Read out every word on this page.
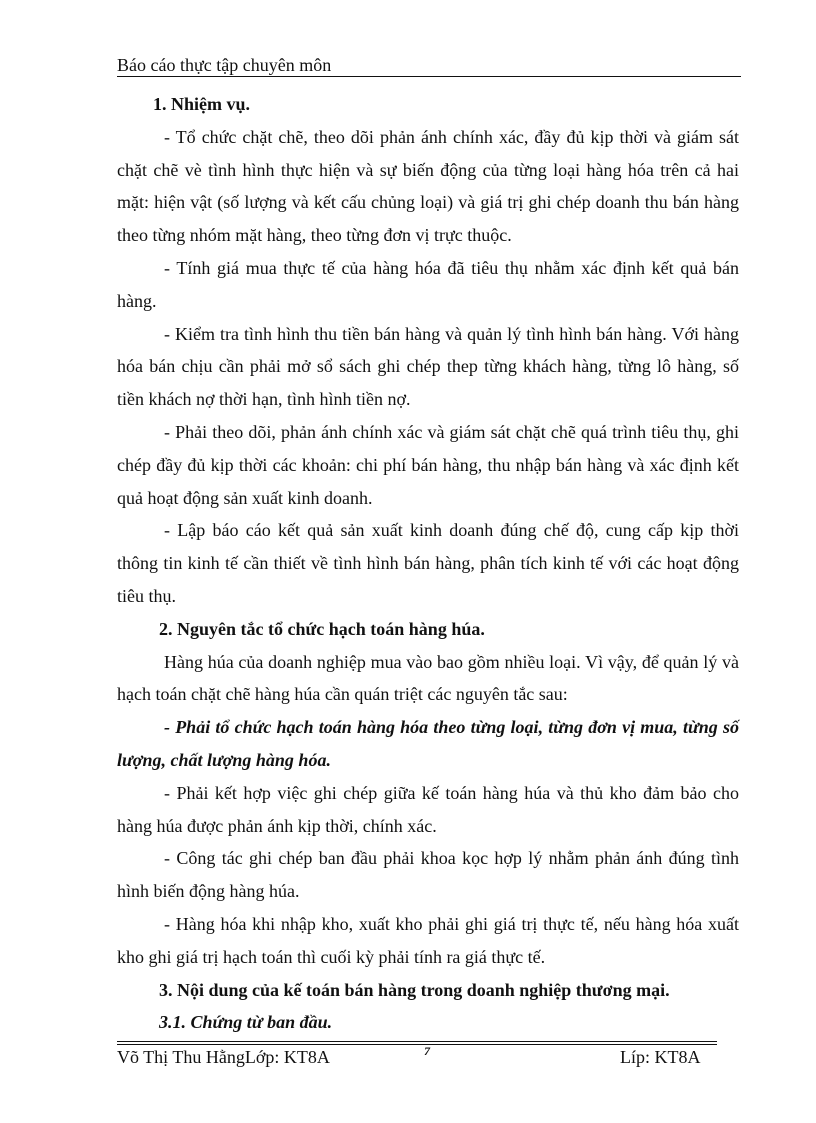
Báo cáo thực tập chuyên môn

1. Nhiệm vụ.

- Tổ chức chặt chẽ, theo dõi phản ánh chính xác, đầy đủ kịp thời và giám sát chặt chẽ vè tình hình thực hiện và sự biến động của từng loại hàng hóa trên cả hai mặt: hiện vật (số lượng và kết cấu chủng loại) và giá trị ghi chép doanh thu bán hàng theo từng nhóm mặt hàng, theo từng đơn vị trực thuộc.

- Tính giá mua thực tế của hàng hóa đã tiêu thụ nhằm xác định kết quả bán hàng.

- Kiểm tra tình hình thu tiền bán hàng và quản lý tình hình bán hàng. Với hàng hóa bán chịu cần phải mở sổ sách ghi chép thep từng khách hàng, từng lô hàng, số tiền khách nợ thời hạn, tình hình tiền nợ.

- Phải theo dõi, phản ánh chính xác và giám sát chặt chẽ quá trình tiêu thụ, ghi chép đầy đủ kịp thời các khoản: chi phí bán hàng, thu nhập bán hàng và xác định kết quả hoạt động sản xuất kinh doanh.

- Lập báo cáo kết quả sản xuất kinh doanh đúng chế độ, cung cấp kịp thời thông tin kinh tế cần thiết về tình hình bán hàng, phân tích kinh tế với các hoạt động tiêu thụ.

2. Nguyên tắc tổ chức hạch toán hàng húa.

Hàng húa của doanh nghiệp mua vào bao gồm nhiều loại. Vì vậy, để quản lý và hạch toán chặt chẽ hàng húa cần quán triệt các nguyên tắc sau:

- Phải tổ chức hạch toán hàng hóa theo từng loại, từng đơn vị mua, từng số lượng, chất lượng hàng hóa.

- Phải kết hợp việc ghi chép giữa kế toán hàng húa và thủ kho đảm bảo cho hàng húa được phản ánh kịp thời, chính xác.

- Công tác ghi chép ban đầu phải khoa kọc hợp lý nhằm phản ánh đúng tình hình biến động hàng húa.

- Hàng hóa khi nhập kho, xuất kho phải ghi giá trị thực tế, nếu hàng hóa xuất kho ghi giá trị hạch toán thì cuối kỳ phải tính ra giá thực tế.

3. Nội dung của kế toán bán hàng trong doanh nghiệp thương mại.

3.1. Chứng từ ban đầu.

Võ Thị Thu HằngLớp: KT8A	7	Líp: KT8A
